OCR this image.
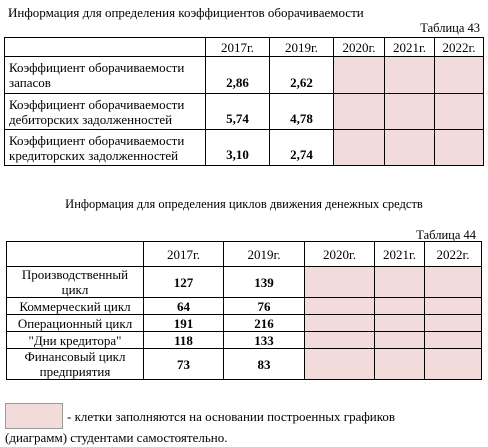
Информация для определения коэффициентов оборачиваемости
Таблица 43
	2017г.	2019г.	2020г.	2021г.	2022г.
Коэффициент оборачиваемости запасов	2,86	2,62			
Коэффициент оборачиваемости дебиторских задолженностей	5,74	4,78			
Коэффициент оборачиваемости кредиторских задолженностей	3,10	2,74			
Информация для определения циклов движения денежных средств
Таблица 44
	2017г.	2019г.	2020г.	2021г.	2022г.
Производственный цикл	127	139			
Коммерческий цикл	64	76			
Операционный цикл	191	216			
"Дни кредитора"	118	133			
Финансовый цикл предприятия	73	83			
- клетки заполняются на основании построенных графиков
(диаграмм) студентами самостоятельно.
